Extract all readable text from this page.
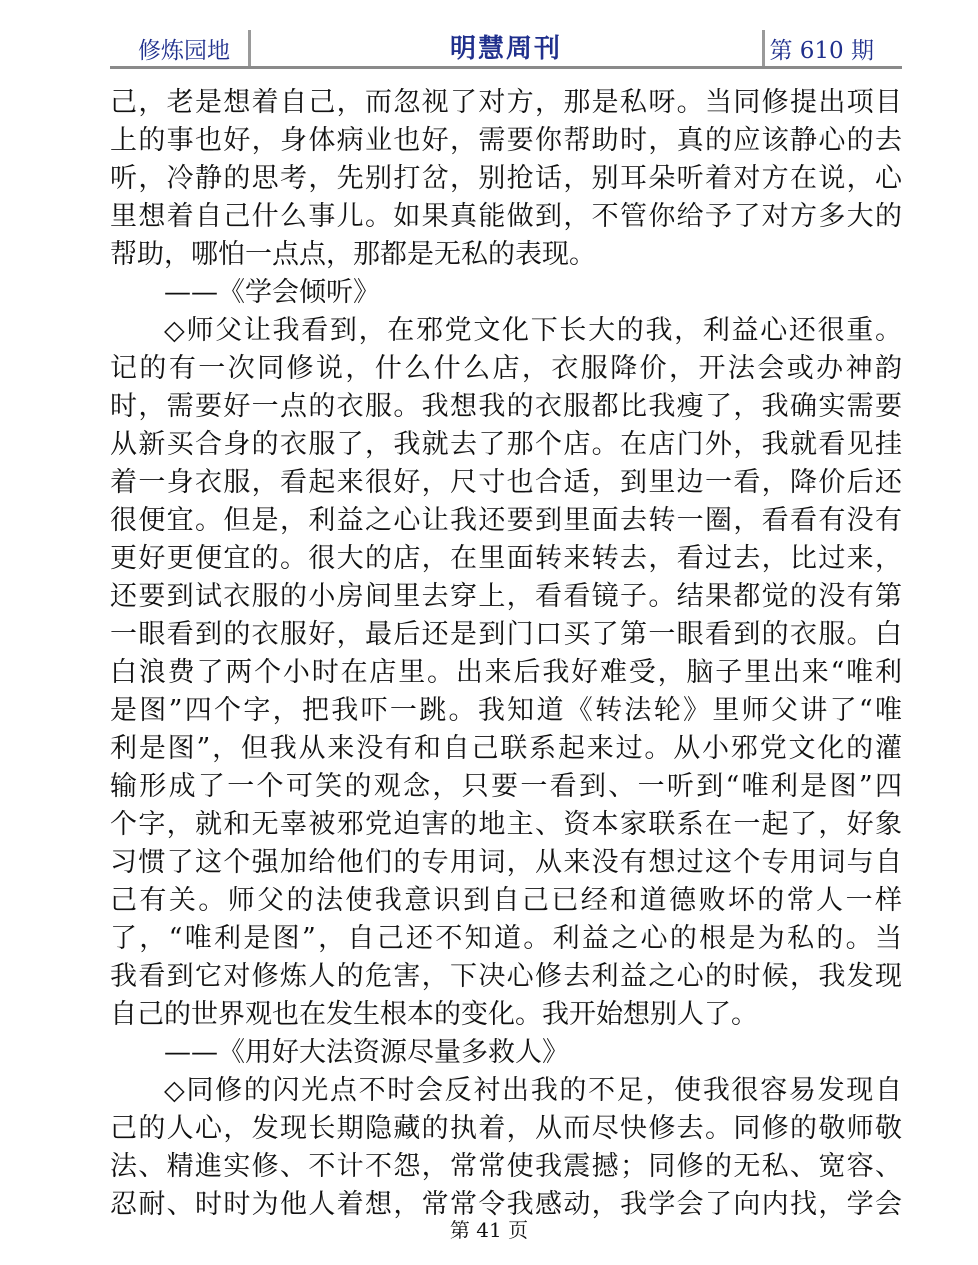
修炼园地	明慧周刊	第 610 期

己，老是想着自己，而忽视了对方，那是私呀。当同修提出项目

上的事也好，身体病业也好，需要你帮助时，真的应该静心的去

听，冷静的思考，先别打岔，别抢话，别耳朵听着对方在说，心

里想着自己什么事儿。如果真能做到，不管你给予了对方多大的

帮助，哪怕一点点，那都是无私的表现。

——《学会倾听》

◇师父让我看到，在邪党文化下长大的我，利益心还很重。

记的有一次同修说，什么什么店，衣服降价，开法会或办神韵

时，需要好一点的衣服。我想我的衣服都比我瘦了，我确实需要

从新买合身的衣服了，我就去了那个店。在店门外，我就看见挂

着一身衣服，看起来很好，尺寸也合适，到里边一看，降价后还

很便宜。但是，利益之心让我还要到里面去转一圈，看看有没有

更好更便宜的。很大的店，在里面转来转去，看过去，比过来，

还要到试衣服的小房间里去穿上，看看镜子。结果都觉的没有第

一眼看到的衣服好，最后还是到门口买了第一眼看到的衣服。白

白浪费了两个小时在店里。出来后我好难受，脑子里出来“唯利

是图”四个字，把我吓一跳。我知道《转法轮》里师父讲了“唯

利是图”，但我从来没有和自己联系起来过。从小邪党文化的灌

输形成了一个可笑的观念，只要一看到、一听到“唯利是图”四

个字，就和无辜被邪党迫害的地主、资本家联系在一起了，好象

习惯了这个强加给他们的专用词，从来没有想过这个专用词与自

己有关。师父的法使我意识到自己已经和道德败坏的常人一样

了，“唯利是图”，自己还不知道。利益之心的根是为私的。当

我看到它对修炼人的危害，下决心修去利益之心的时候，我发现

自己的世界观也在发生根本的变化。我开始想别人了。

——《用好大法资源尽量多救人》

◇同修的闪光点不时会反衬出我的不足，使我很容易发现自

己的人心，发现长期隐藏的执着，从而尽快修去。同修的敬师敬

法、精進实修、不计不怨，常常使我震撼；同修的无私、宽容、

忍耐、时时为他人着想，常常令我感动，我学会了向内找，学会

第 41 页
